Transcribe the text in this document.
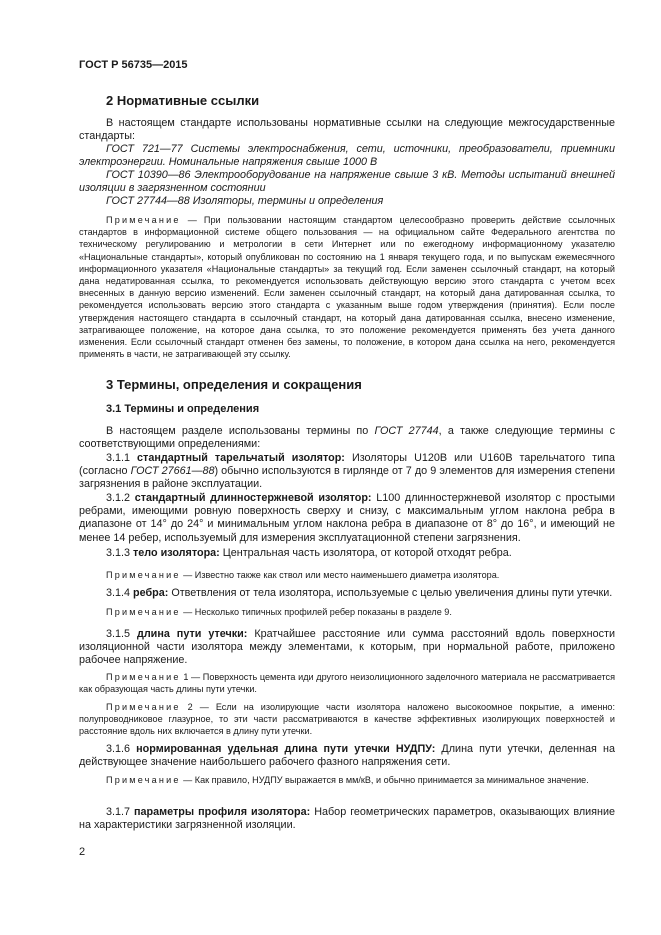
ГОСТ Р 56735—2015
2 Нормативные ссылки

В настоящем стандарте использованы нормативные ссылки на следующие межгосударственные стандарты:

ГОСТ 721—77 Системы электроснабжения, сети, источники, преобразователи, приемники электроэнергии. Номинальные напряжения свыше 1000 В

ГОСТ 10390—86 Электрооборудование на напряжение свыше 3 кВ. Методы испытаний внешней изоляции в загрязненном состоянии

ГОСТ 27744—88 Изоляторы, термины и определения

Примечание — При пользовании настоящим стандартом целесообразно проверить действие ссылочных стандартов в информационной системе общего пользования — на официальном сайте Федерального агентства по техническому регулированию и метрологии в сети Интернет или по ежегодному информационному указателю «Национальные стандарты», который опубликован по состоянию на 1 января текущего года, и по выпускам ежемесячного информационного указателя «Национальные стандарты» за текущий год. Если заменен ссылочный стандарт, на который дана недатированная ссылка, то рекомендуется использовать действующую версию этого стандарта с учетом всех внесенных в данную версию изменений. Если заменен ссылочный стандарт, на который дана датированная ссылка, то рекомендуется использовать версию этого стандарта с указанным выше годом утверждения (принятия). Если после утверждения настоящего стандарта в ссылочный стандарт, на который дана датированная ссылка, внесено изменение, затрагивающее положение, на которое дана ссылка, то это положение рекомендуется применять без учета данного изменения. Если ссылочный стандарт отменен без замены, то положение, в котором дана ссылка на него, рекомендуется применять в части, не затрагивающей эту ссылку.

3 Термины, определения и сокращения
3.1 Термины и определения

В настоящем разделе использованы термины по ГОСТ 27744, а также следующие термины с соответствующими определениями:

3.1.1 стандартный тарельчатый изолятор: Изоляторы U120B или U160B тарельчатого типа (согласно ГОСТ 27661—88) обычно используются в гирлянде от 7 до 9 элементов для измерения степени загрязнения в районе эксплуатации.

3.1.2 стандартный длинностержневой изолятор: L100 длинностержневой изолятор с простыми ребрами, имеющими ровную поверхность сверху и снизу, с максимальным углом наклона ребра в диапазоне от 14° до 24° и минимальным углом наклона ребра в диапазоне от 8° до 16°, и имеющий не менее 14 ребер, используемый для измерения эксплуатационной степени загрязнения.

3.1.3 тело изолятора: Центральная часть изолятора, от которой отходят ребра.

Примечание — Известно также как ствол или место наименьшего диаметра изолятора.

3.1.4 ребра: Ответвления от тела изолятора, используемые с целью увеличения длины пути утечки.

Примечание — Несколько типичных профилей ребер показаны в разделе 9.

3.1.5 длина пути утечки: Кратчайшее расстояние или сумма расстояний вдоль поверхности изоляционной части изолятора между элементами, к которым, при нормальной работе, приложено рабочее напряжение.

Примечание 1 — Поверхность цемента иди другого неизолиционного заделочного материала не рассматривается как образующая часть длины пути утечки.

Примечание 2 — Если на изолирующие части изолятора наложено высокоомное покрытие, а именно: полупроводниковое глазурное, то эти части рассматриваются в качестве эффективных изолирующих поверхностей и расстояние вдоль них включается в длину пути утечки.

3.1.6 нормированная удельная длина пути утечки НУДПУ: Длина пути утечки, деленная на действующее значение наибольшего рабочего фазного напряжения сети.

Примечание — Как правило, НУДПУ выражается в мм/кВ, и обычно принимается за минимальное значение.

3.1.7 параметры профиля изолятора: Набор геометрических параметров, оказывающих влияние на характеристики загрязненной изоляции.

2
